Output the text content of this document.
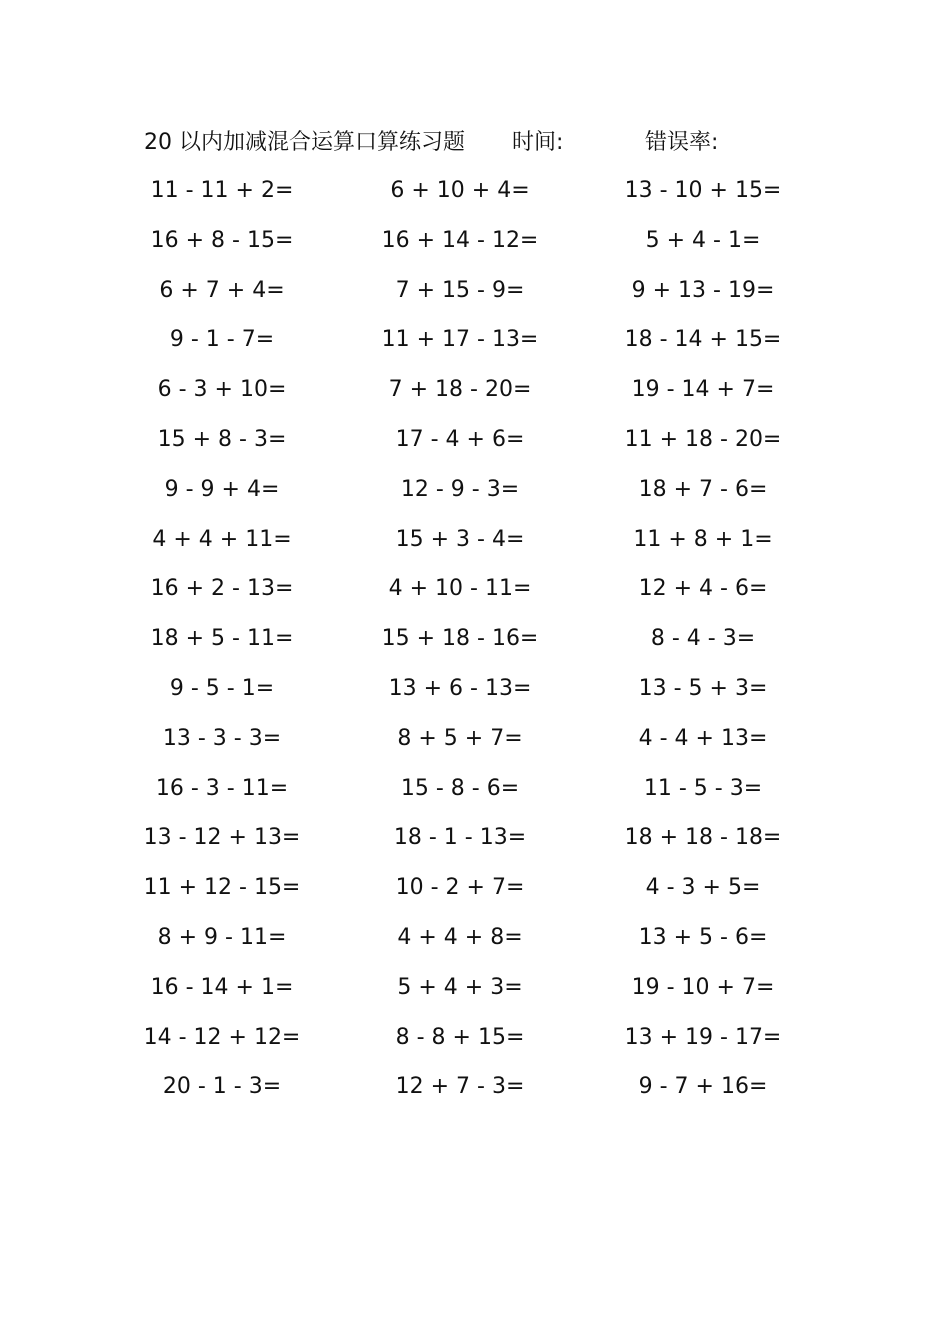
20 以内加减混合运算口算练习题 时间:	错误率:
11 - 11 + 2=	6 + 10 + 4=	13 - 10 + 15=
16 + 8 - 15=	16 + 14 - 12=	5 + 4 - 1=
6 + 7 + 4=	7 + 15 - 9=	9 + 13 - 19=
9 - 1 - 7=	11 + 17 - 13=	18 - 14 + 15=
6 - 3 + 10=	7 + 18 - 20=	19 - 14 + 7=
15 + 8 - 3=	17 - 4 + 6=	11 + 18 - 20=
9 - 9 + 4=	12 - 9 - 3=	18 + 7 - 6=
4 + 4 + 11=	15 + 3 - 4=	11 + 8 + 1=
16 + 2 - 13=	4 + 10 - 11=	12 + 4 - 6=
18 + 5 - 11=	15 + 18 - 16=	8 - 4 - 3=
9 - 5 - 1=	13 + 6 - 13=	13 - 5 + 3=
13 - 3 - 3=	8 + 5 + 7=	4 - 4 + 13=
16 - 3 - 11=	15 - 8 - 6=	11 - 5 - 3=
13 - 12 + 13=	18 - 1 - 13=	18 + 18 - 18=
11 + 12 - 15=	10 - 2 + 7=	4 - 3 + 5=
8 + 9 - 11=	4 + 4 + 8=	13 + 5 - 6=
16 - 14 + 1=	5 + 4 + 3=	19 - 10 + 7=
14 - 12 + 12=	8 - 8 + 15=	13 + 19 - 17=
20 - 1 - 3=	12 + 7 - 3=	9 - 7 + 16=
